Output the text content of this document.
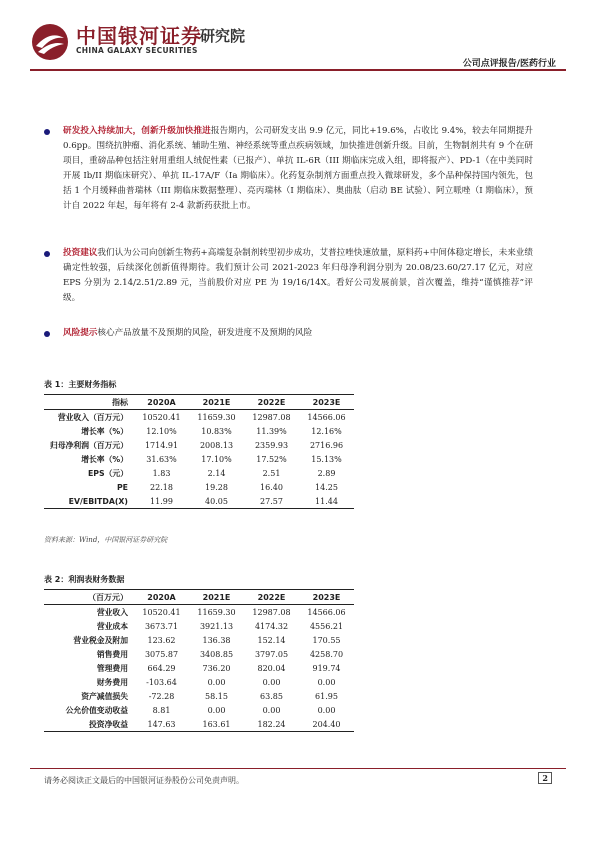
中国银河证券
CHINA GALAXY SECURITIES
研究院
公司点评报告/医药行业
研发投入持续加大，创新升级加快推进报告期内，公司研发支出 9.9 亿元，同比+19.6%，占收比 9.4%，较去年同期提升 0.6pp。围绕抗肿瘤、消化系统、辅助生殖、神经系统等重点疾病领域，加快推进创新升级。目前，生物制剂共有 9 个在研项目，重磅品种包括注射用重组人绒促性素（已报产）、单抗 IL-6R（III 期临床完成入组，即将报产）、PD-1（在中美同时开展 Ib/II 期临床研究）、单抗 IL-17A/F（Ia 期临床）。化药复杂制剂方面重点投入微球研发，多个品种保持国内领先，包括 1 个月缓释曲普瑞林（III 期临床数据整理）、亮丙瑞林（I 期临床）、奥曲肽（启动 BE 试验）、阿立哌唑（I 期临床），预计自 2022 年起，每年将有 2-4 款新药获批上市。
投资建议我们认为公司向创新生物药+高端复杂制剂转型初步成功，艾普拉唑快速放量，原料药+中间体稳定增长，未来业绩确定性较强，后续深化创新值得期待。我们预计公司 2021-2023 年归母净利润分别为 20.08/23.60/27.17 亿元，对应 EPS 分别为 2.14/2.51/2.89 元，当前股价对应 PE 为 19/16/14X。看好公司发展前景，首次覆盖，维持“谨慎推荐”评级。
风险提示核心产品放量不及预期的风险，研发进度不及预期的风险
表 1：主要财务指标
指标	2020A	2021E	2022E	2023E
营业收入（百万元）	10520.41	11659.30	12987.08	14566.06
增长率（%）	12.10%	10.83%	11.39%	12.16%
归母净利润（百万元）	1714.91	2008.13	2359.93	2716.96
增长率（%）	31.63%	17.10%	17.52%	15.13%
EPS（元）	1.83	2.14	2.51	2.89
PE	22.18	19.28	16.40	14.25
EV/EBITDA(X)	11.99	40.05	27.57	11.44
资料来源：Wind，中国银河证券研究院
表 2：利润表财务数据
（百万元）	2020A	2021E	2022E	2023E
营业收入	10520.41	11659.30	12987.08	14566.06
营业成本	3673.71	3921.13	4174.32	4556.21
营业税金及附加	123.62	136.38	152.14	170.55
销售费用	3075.87	3408.85	3797.05	4258.70
管理费用	664.29	736.20	820.04	919.74
财务费用	-103.64	0.00	0.00	0.00
资产减值损失	-72.28	58.15	63.85	61.95
公允价值变动收益	8.81	0.00	0.00	0.00
投资净收益	147.63	163.61	182.24	204.40
请务必阅读正文最后的中国银河证券股份公司免责声明。	2
